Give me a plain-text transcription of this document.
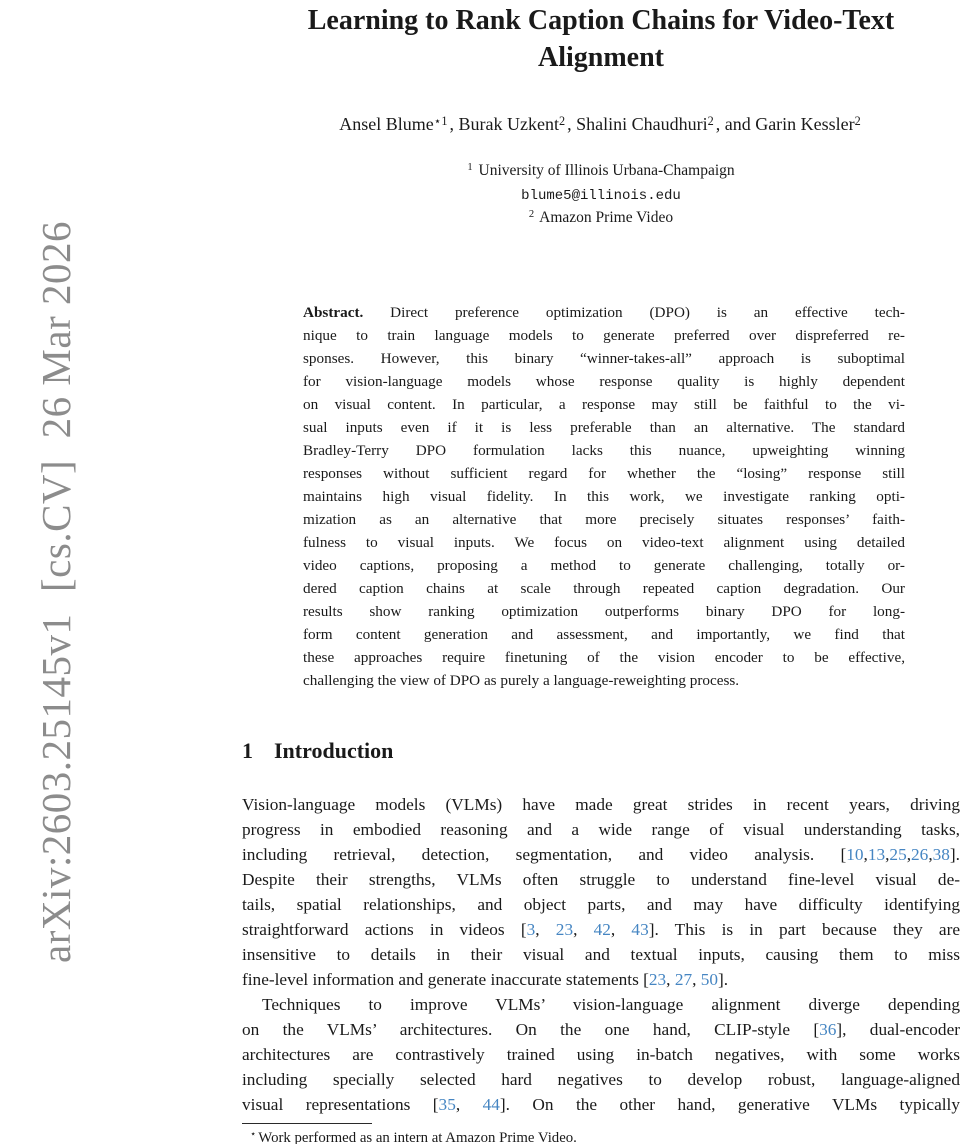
arXiv:2603.25145v1  [cs.CV]  26 Mar 2026
Learning to Rank Caption Chains for Video-Text
Alignment
Ansel Blume$^{⋆1}$ , Burak Uzkent$^2$ , Shalini Chaudhuri$^2$ , and Garin Kessler$^2$
$^1$ University of Illinois Urbana-Champaign
blume5@illinois.edu
$^2$ Amazon Prime Video
Abstract. Direct preference optimization (DPO) is an effective tech-
nique to train language models to generate preferred over dispreferred re-
sponses. However, this binary “winner-takes-all” approach is suboptimal
for vision-language models whose response quality is highly dependent
on visual content. In particular, a response may still be faithful to the vi-
sual inputs even if it is less preferable than an alternative. The standard
Bradley-Terry DPO formulation lacks this nuance, upweighting winning
responses without sufficient regard for whether the “losing” response still
maintains high visual fidelity. In this work, we investigate ranking opti-
mization as an alternative that more precisely situates responses’ faith-
fulness to visual inputs. We focus on video-text alignment using detailed
video captions, proposing a method to generate challenging, totally or-
dered caption chains at scale through repeated caption degradation. Our
results show ranking optimization outperforms binary DPO for long-
form content generation and assessment, and importantly, we find that
these approaches require finetuning of the vision encoder to be effective,
challenging the view of DPO as purely a language-reweighting process.
1 Introduction
Vision-language models (VLMs) have made great strides in recent years, driving
progress in embodied reasoning and a wide range of visual understanding tasks,
including retrieval, detection, segmentation, and video analysis. [10,13,25,26,38].
Despite their strengths, VLMs often struggle to understand fine-level visual de-
tails, spatial relationships, and object parts, and may have difficulty identifying
straightforward actions in videos [3, 23, 42, 43]. This is in part because they are
insensitive to details in their visual and textual inputs, causing them to miss
fine-level information and generate inaccurate statements [23, 27, 50].
Techniques to improve VLMs’ vision-language alignment diverge depending
on the VLMs’ architectures. On the one hand, CLIP-style [36], dual-encoder
architectures are contrastively trained using in-batch negatives, with some works
including specially selected hard negatives to develop robust, language-aligned
visual representations [35, 44]. On the other hand, generative VLMs typically
⋆ Work performed as an intern at Amazon Prime Video.
